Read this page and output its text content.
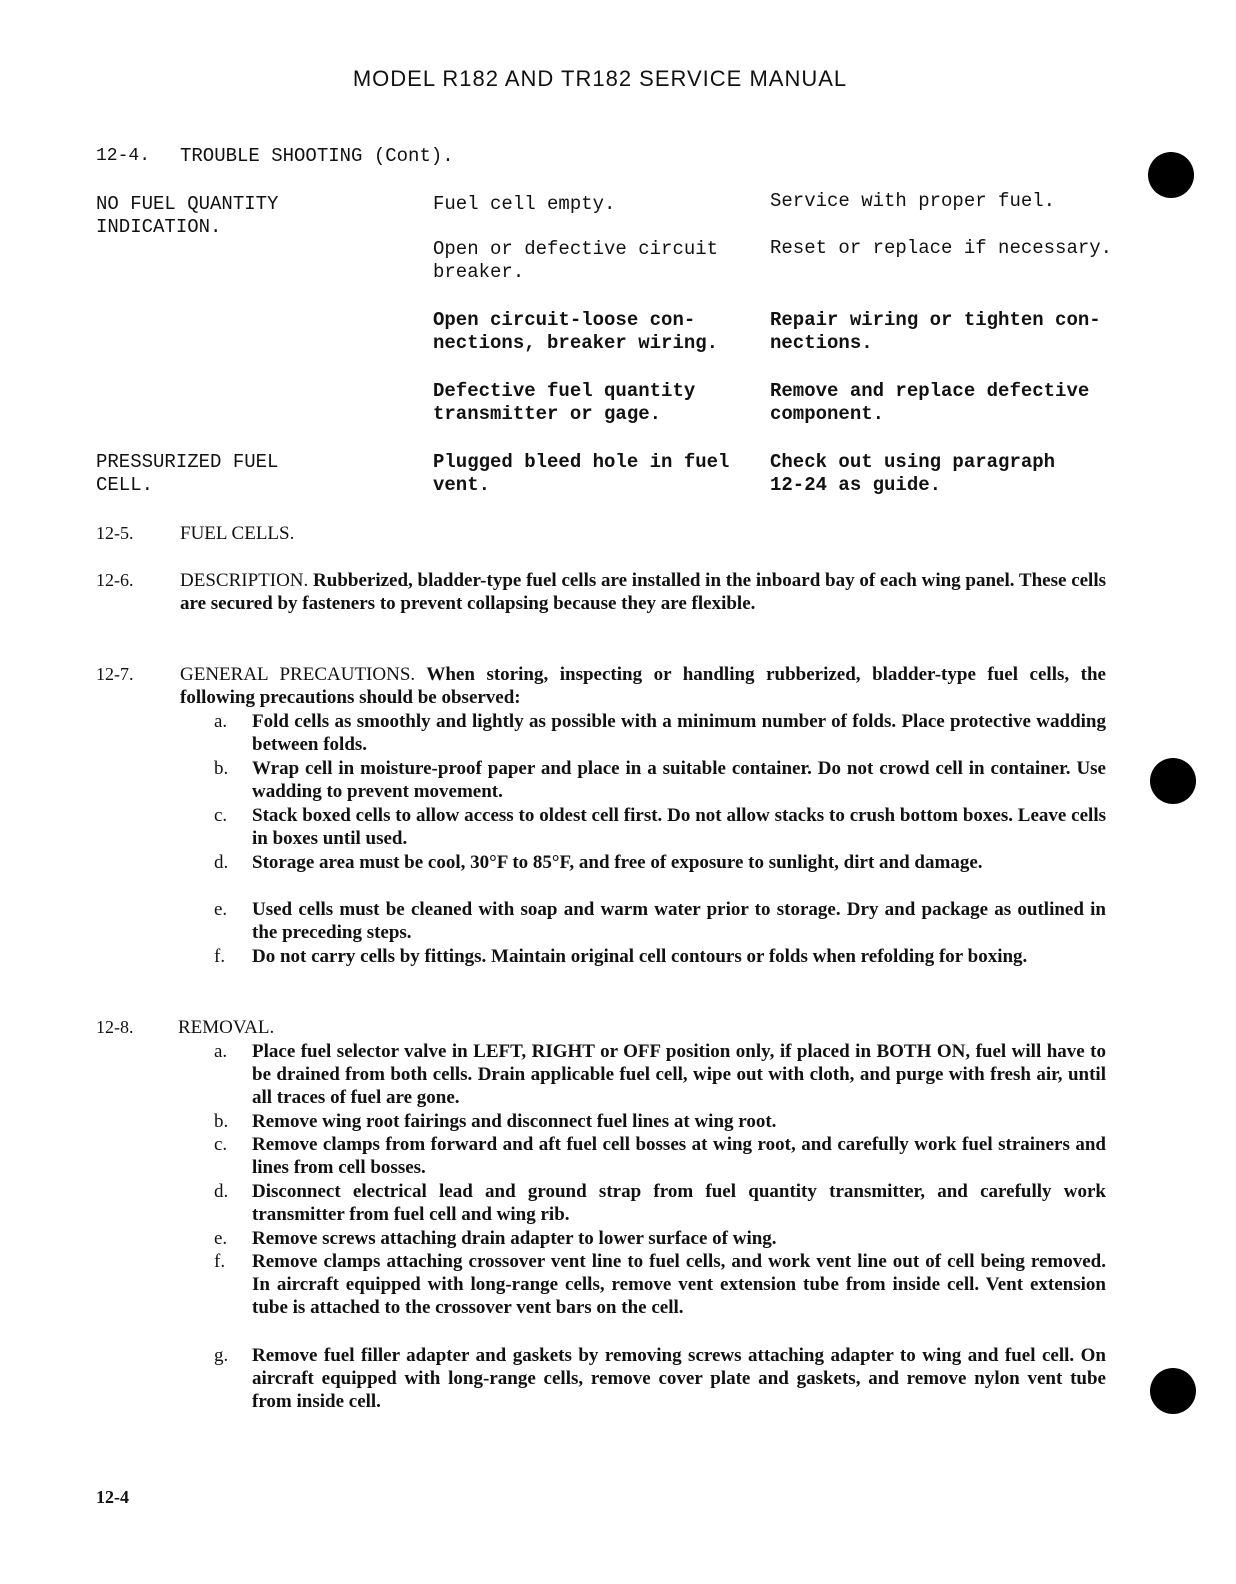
MODEL R182 AND TR182 SERVICE MANUAL
12-4. TROUBLE SHOOTING (Cont).
NO FUEL QUANTITY
INDICATION.
Fuel cell empty.	Service with proper fuel.
Open or defective circuit
breaker.
Reset or replace if necessary.
Open circuit-loose con-
nections, breaker wiring.
Repair wiring or tighten con-
nections.
Defective fuel quantity
transmitter or gage.
Remove and replace defective
component.
PRESSURIZED FUEL
CELL.
Plugged bleed hole in fuel
vent.
Check out using paragraph
12-24 as guide.
12-5. FUEL CELLS.
12-6. DESCRIPTION. Rubberized, bladder-type fuel cells are installed in the inboard bay of each wing panel. These cells are secured by fasteners to prevent collapsing because they are flexible.
12-7. GENERAL PRECAUTIONS. When storing, inspecting or handling rubberized, bladder-type fuel cells, the following precautions should be observed:
a. Fold cells as smoothly and lightly as possible with a minimum number of folds. Place protective wadding between folds.
b. Wrap cell in moisture-proof paper and place in a suitable container. Do not crowd cell in container. Use wadding to prevent movement.
c. Stack boxed cells to allow access to oldest cell first. Do not allow stacks to crush bottom boxes. Leave cells in boxes until used.
d. Storage area must be cool, 30°F to 85°F, and free of exposure to sunlight, dirt and damage.
e. Used cells must be cleaned with soap and warm water prior to storage. Dry and package as outlined in the preceding steps.
f. Do not carry cells by fittings. Maintain original cell contours or folds when refolding for boxing.
12-8. REMOVAL.
a. Place fuel selector valve in LEFT, RIGHT or OFF position only, if placed in BOTH ON, fuel will have to be drained from both cells. Drain applicable fuel cell, wipe out with cloth, and purge with fresh air, until all traces of fuel are gone.
b. Remove wing root fairings and disconnect fuel lines at wing root.
c. Remove clamps from forward and aft fuel cell bosses at wing root, and carefully work fuel strainers and lines from cell bosses.
d. Disconnect electrical lead and ground strap from fuel quantity transmitter, and carefully work transmitter from fuel cell and wing rib.
e. Remove screws attaching drain adapter to lower surface of wing.
f. Remove clamps attaching crossover vent line to fuel cells, and work vent line out of cell being removed. In aircraft equipped with long-range cells, remove vent extension tube from inside cell. Vent extension tube is attached to the crossover vent bars on the cell.
g. Remove fuel filler adapter and gaskets by removing screws attaching adapter to wing and fuel cell. On aircraft equipped with long-range cells, remove cover plate and gaskets, and remove nylon vent tube from inside cell.
12-4
